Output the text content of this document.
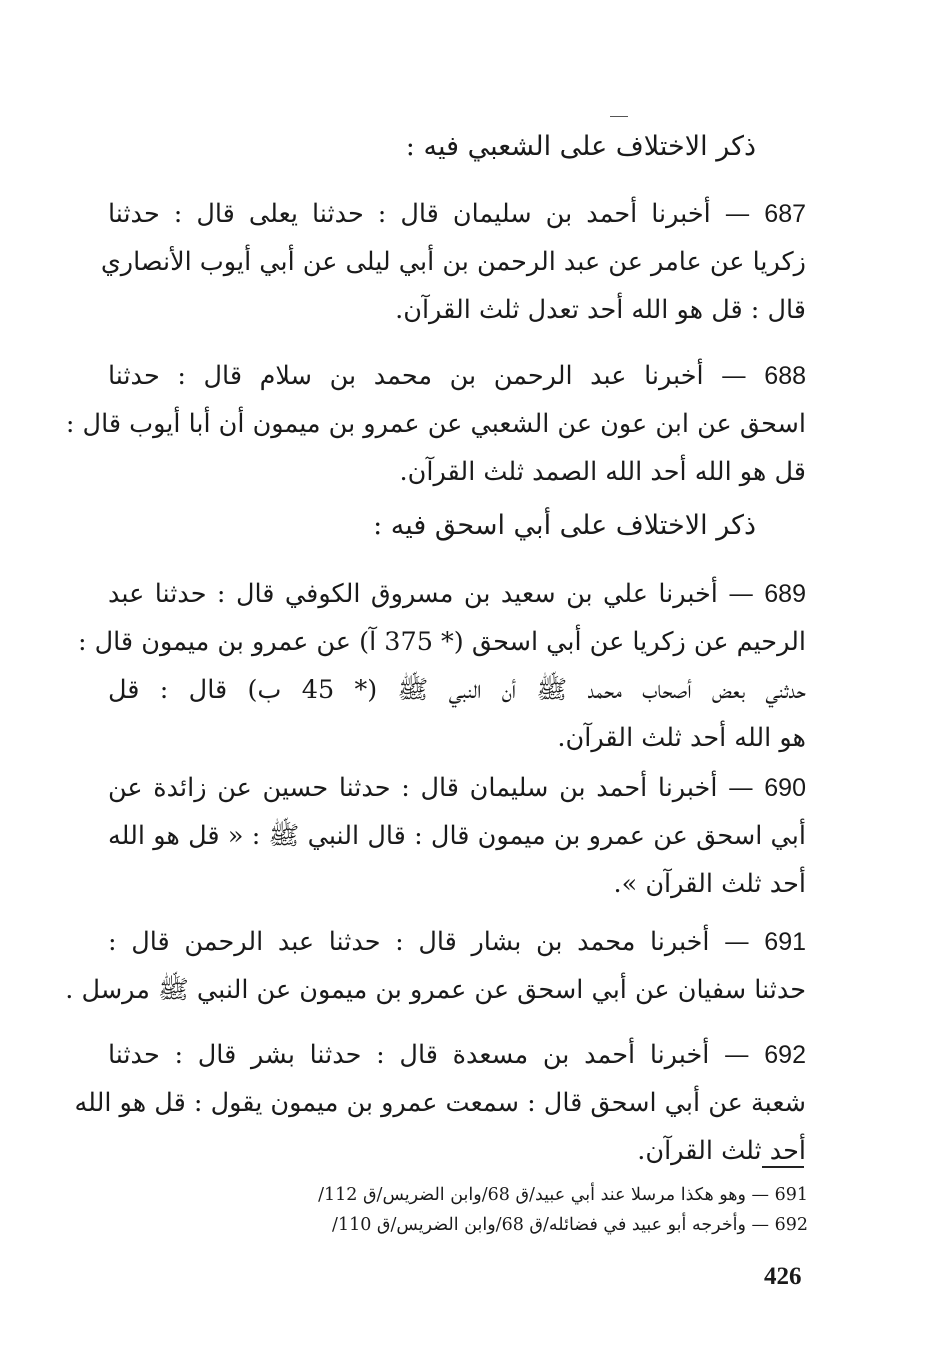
ذكر الاختلاف على الشعبي فيه :
687 — أخبرنا أحمد بن سليمان قال : حدثنا يعلى قال : حدثنا
زكريا عن عامر عن عبد الرحمن بن أبي ليلى عن أبي أيوب الأنصاري
قال : قل هو الله أحد تعدل ثلث القرآن.
688 — أخبرنا عبد الرحمن بن محمد بن سلام قال : حدثنا
اسحق عن ابن عون عن الشعبي عن عمرو بن ميمون أن أبا أيوب قال :
قل هو الله أحد الله الصمد ثلث القرآن.
ذكر الاختلاف على أبي اسحق فيه :
689 — أخبرنا علي بن سعيد بن مسروق الكوفي قال : حدثنا عبد
الرحيم عن زكريا عن أبي اسحق (* 375 آ) عن عمرو بن ميمون قال :
حدثني بعض أصحاب محمد ﷺ أن النبي ﷺ (* 45 ب) قال : قل
هو الله أحد ثلث القرآن.
690 — أخبرنا أحمد بن سليمان قال : حدثنا حسين عن زائدة عن
أبي اسحق عن عمرو بن ميمون قال : قال النبي ﷺ : « قل هو الله
أحد ثلث القرآن ».
691 — أخبرنا محمد بن بشار قال : حدثنا عبد الرحمن قال :
حدثنا سفيان عن أبي اسحق عن عمرو بن ميمون عن النبي ﷺ مرسل .
692 — أخبرنا أحمد بن مسعدة قال : حدثنا بشر قال : حدثنا
شعبة عن أبي اسحق قال : سمعت عمرو بن ميمون يقول : قل هو الله
أحد ثلث القرآن.
691 — وهو هكذا مرسلا عند أبي عبيد/ق 68/وابن الضريس/ق 112/
692 — وأخرجه أبو عبيد في فضائله/ق 68/وابن الضريس/ق 110/
426
